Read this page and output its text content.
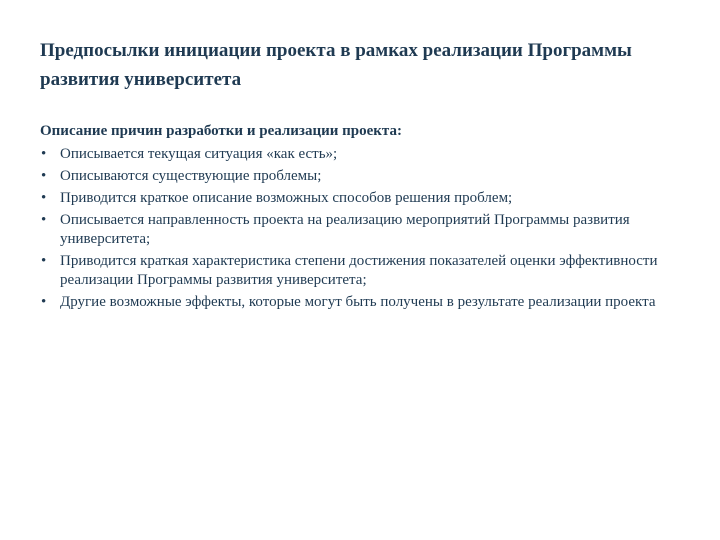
Предпосылки инициации проекта в рамках реализации Программы развития университета
Описание причин разработки и реализации проекта:
• Описывается текущая ситуация «как есть»;
• Описываются существующие проблемы;
• Приводится краткое описание возможных способов решения проблем;
• Описывается направленность проекта на реализацию мероприятий Программы развития университета;
• Приводится краткая характеристика степени достижения показателей оценки эффективности реализации Программы развития университета;
• Другие возможные эффекты, которые могут быть получены в результате реализации проекта
